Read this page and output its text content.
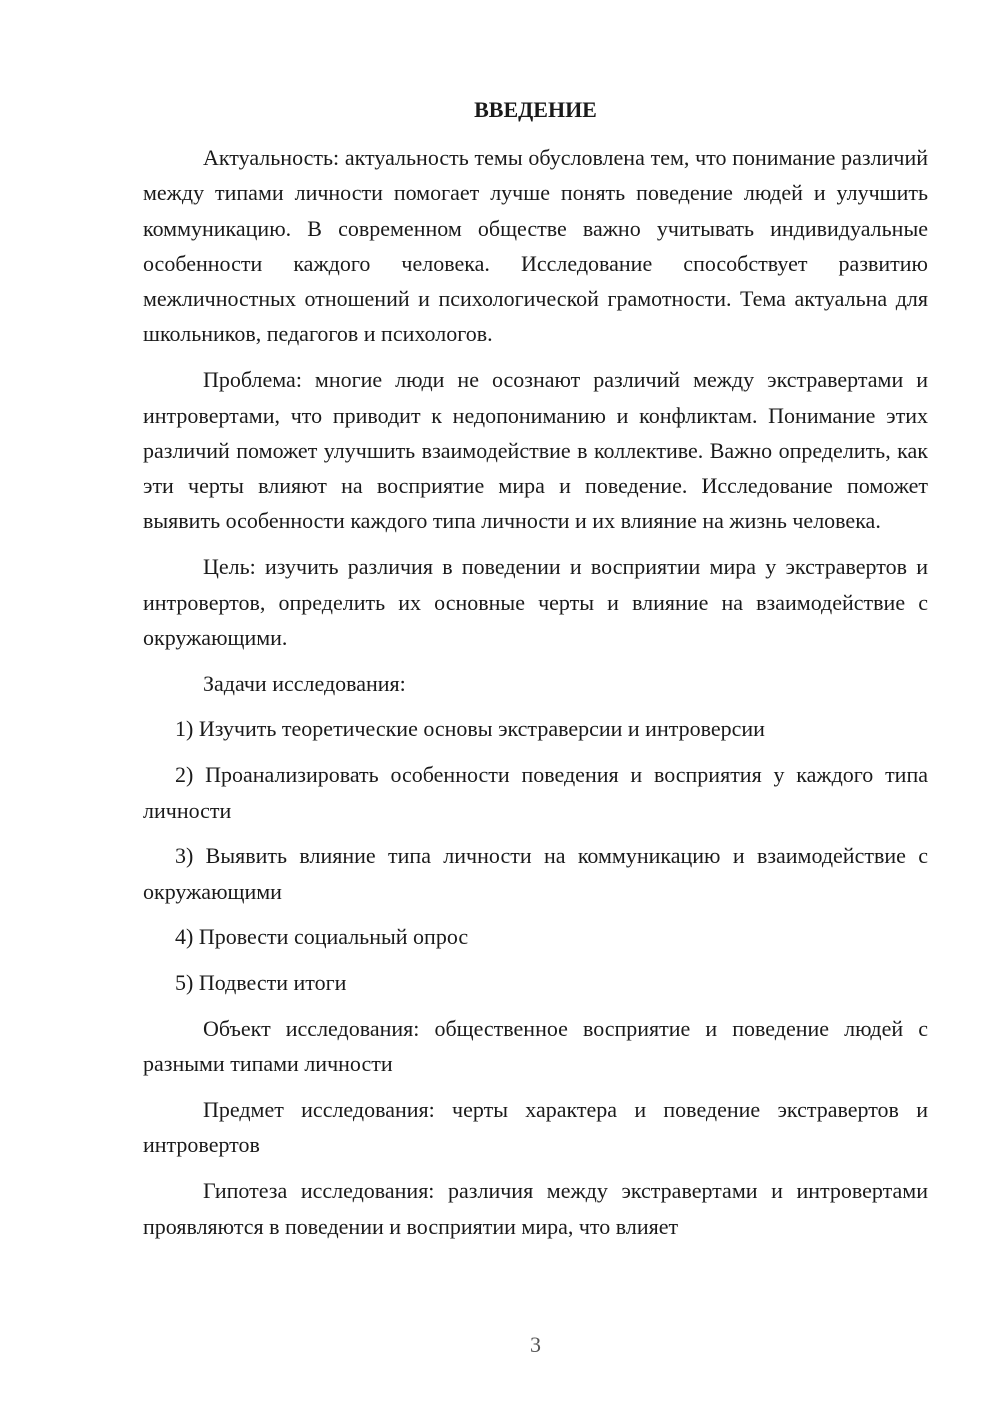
ВВЕДЕНИЕ

Актуальность: актуальность темы обусловлена тем, что понимание различий между типами личности помогает лучше понять поведение людей и улучшить коммуникацию. В современном обществе важно учитывать индивидуальные особенности каждого человека. Исследование способствует развитию межличностных отношений и психологической грамотности. Тема актуальна для школьников, педагогов и психологов.

Проблема: многие люди не осознают различий между экстравертами и интровертами, что приводит к недопониманию и конфликтам. Понимание этих различий поможет улучшить взаимодействие в коллективе. Важно определить, как эти черты влияют на восприятие мира и поведение. Исследование поможет выявить особенности каждого типа личности и их влияние на жизнь человека.

Цель: изучить различия в поведении и восприятии мира у экстравертов и интровертов, определить их основные черты и влияние на взаимодействие с окружающими.

Задачи исследования:

1) Изучить теоретические основы экстраверсии и интроверсии

2) Проанализировать особенности поведения и восприятия у каждого типа личности

3) Выявить влияние типа личности на коммуникацию и взаимодействие с окружающими

4) Провести социальный опрос

5) Подвести итоги

Объект исследования: общественное восприятие и поведение людей с разными типами личности

Предмет исследования: черты характера и поведение экстравертов и интровертов

Гипотеза исследования: различия между экстравертами и интровертами проявляются в поведении и восприятии мира, что влияет

3
